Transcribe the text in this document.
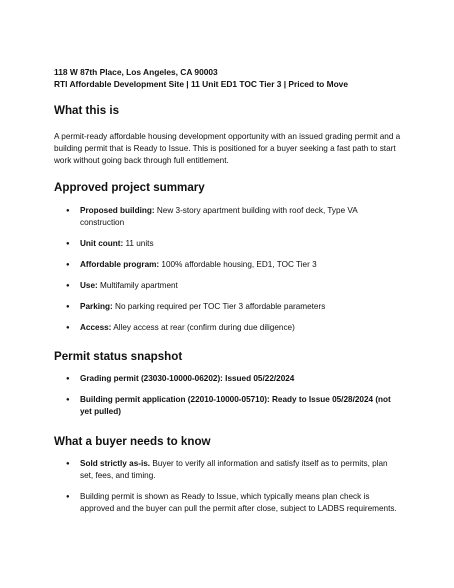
118 W 87th Place, Los Angeles, CA 90003
RTI Affordable Development Site | 11 Unit ED1 TOC Tier 3 | Priced to Move
What this is

A permit-ready affordable housing development opportunity with an issued grading permit and a building permit that is Ready to Issue. This is positioned for a buyer seeking a fast path to start work without going back through full entitlement.

Approved project summary
● Proposed building: New 3-story apartment building with roof deck, Type VA construction
● Unit count: 11 units
● Affordable program: 100% affordable housing, ED1, TOC Tier 3
● Use: Multifamily apartment
● Parking: No parking required per TOC Tier 3 affordable parameters
● Access: Alley access at rear (confirm during due diligence)
Permit status snapshot
● Grading permit (23030-10000-06202): Issued 05/22/2024
● Building permit application (22010-10000-05710): Ready to Issue 05/28/2024 (not yet pulled)
What a buyer needs to know
● Sold strictly as-is. Buyer to verify all information and satisfy itself as to permits, plan set, fees, and timing.
● Building permit is shown as Ready to Issue, which typically means plan check is approved and the buyer can pull the permit after close, subject to LADBS requirements.
